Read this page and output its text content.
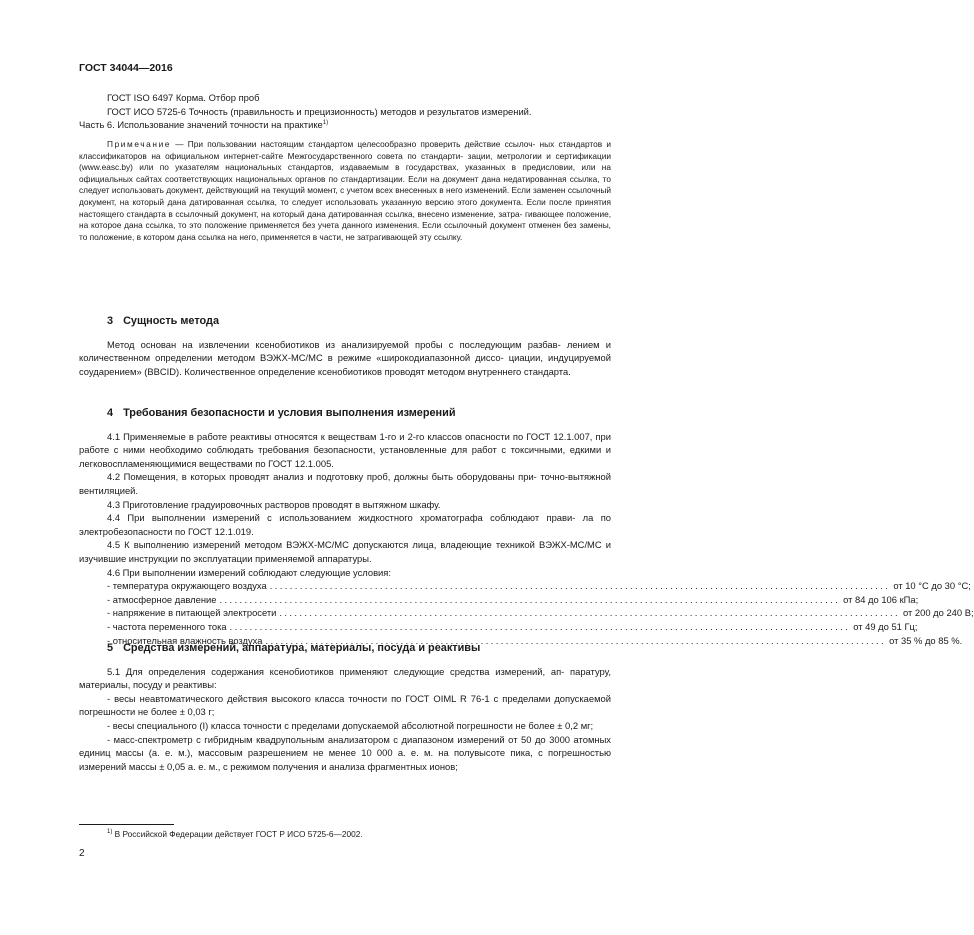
ГОСТ 34044—2016

ГОСТ ISO 6497 Корма. Отбор проб

ГОСТ ИСО 5725-6 Точность (правильность и прецизионность) методов и результатов измерений.

Часть 6. Использование значений точности на практике$^{1)}$

Примечание — При пользовании настоящим стандартом целесообразно проверить действие ссылоч- ных стандартов и классификаторов на официальном интернет-сайте Межгосударственного совета по стандарти- зации, метрологии и сертификации (www.easc.by) или по указателям национальных стандартов, издаваемым в государствах, указанных в предисловии, или на официальных сайтах соответствующих национальных органов по стандартизации. Если на документ дана недатированная ссылка, то следует использовать документ, действующий на текущий момент, с учетом всех внесенных в него изменений. Если заменен ссылочный документ, на который дана датированная ссылка, то следует использовать указанную версию этого документа. Если после принятия настоящего стандарта в ссылочный документ, на который дана датированная ссылка, внесено изменение, затра- гивающее положение, на которое дана ссылка, то это положение применяется без учета данного изменения. Если ссылочный документ отменен без замены, то положение, в котором дана ссылка на него, применяется в части, не затрагивающей эту ссылку.

3 Сущность метода

Метод основан на извлечении ксенобиотиков из анализируемой пробы с последующим разбав- лением и количественном определении методом ВЭЖХ-МС/МС в режиме «широкодиапазонной диссо- циации, индуцируемой соударением» (BBCID). Количественное определение ксенобиотиков проводят методом внутреннего стандарта.

4 Требования безопасности и условия выполнения измерений

4.1 Применяемые в работе реактивы относятся к веществам 1-го и 2-го классов опасности по ГОСТ 12.1.007, при работе с ними необходимо соблюдать требования безопасности, установленные для работ с токсичными, едкими и легковоспламеняющимися веществами по ГОСТ 12.1.005.

4.2 Помещения, в которых проводят анализ и подготовку проб, должны быть оборудованы при- точно-вытяжной вентиляцией.

4.3 Приготовление градуировочных растворов проводят в вытяжном шкафу.

4.4 При выполнении измерений с использованием жидкостного хроматографа соблюдают прави- ла по электробезопасности по ГОСТ 12.1.019.

4.5 К выполнению измерений методом ВЭЖХ-МС/МС допускаются лица, владеющие техникой ВЭЖХ-МС/МС и изучившие инструкции по эксплуатации применяемой аппаратуры.

4.6 При выполнении измерений соблюдают следующие условия:

- температура окружающего воздуха ............................................................................................................................ от 10 °С до 30 °С;
- атмосферное давление ............................................................................................................................ от 84 до 106 кПа;
- напряжение в питающей электросети ............................................................................................................................ от 200 до 240 В;
- частота переменного тока ............................................................................................................................ от 49 до 51 Гц;
- относительная влажность воздуха ............................................................................................................................ от 35 % до 85 %.

5 Средства измерений, аппаратура, материалы, посуда и реактивы

5.1 Для определения содержания ксенобиотиков применяют следующие средства измерений, ап- паратуру, материалы, посуду и реактивы:

- весы неавтоматического действия высокого класса точности по ГОСТ OIML R 76-1 с пределами допускаемой погрешности не более ± 0,03 г;

- весы специального (I) класса точности с пределами допускаемой абсолютной погрешности не более ± 0,2 мг;

- масс-спектрометр с гибридным квадрупольным анализатором с диапазоном измерений от 50 до 3000 атомных единиц массы (а. е. м.), массовым разрешением не менее 10 000 а. е. м. на полувысоте пика, с погрешностью измерений массы ± 0,05 а. е. м., с режимом получения и анализа фрагментных ионов;

$^{1)}$ В Российской Федерации действует ГОСТ Р ИСО 5725-6—2002.
2
